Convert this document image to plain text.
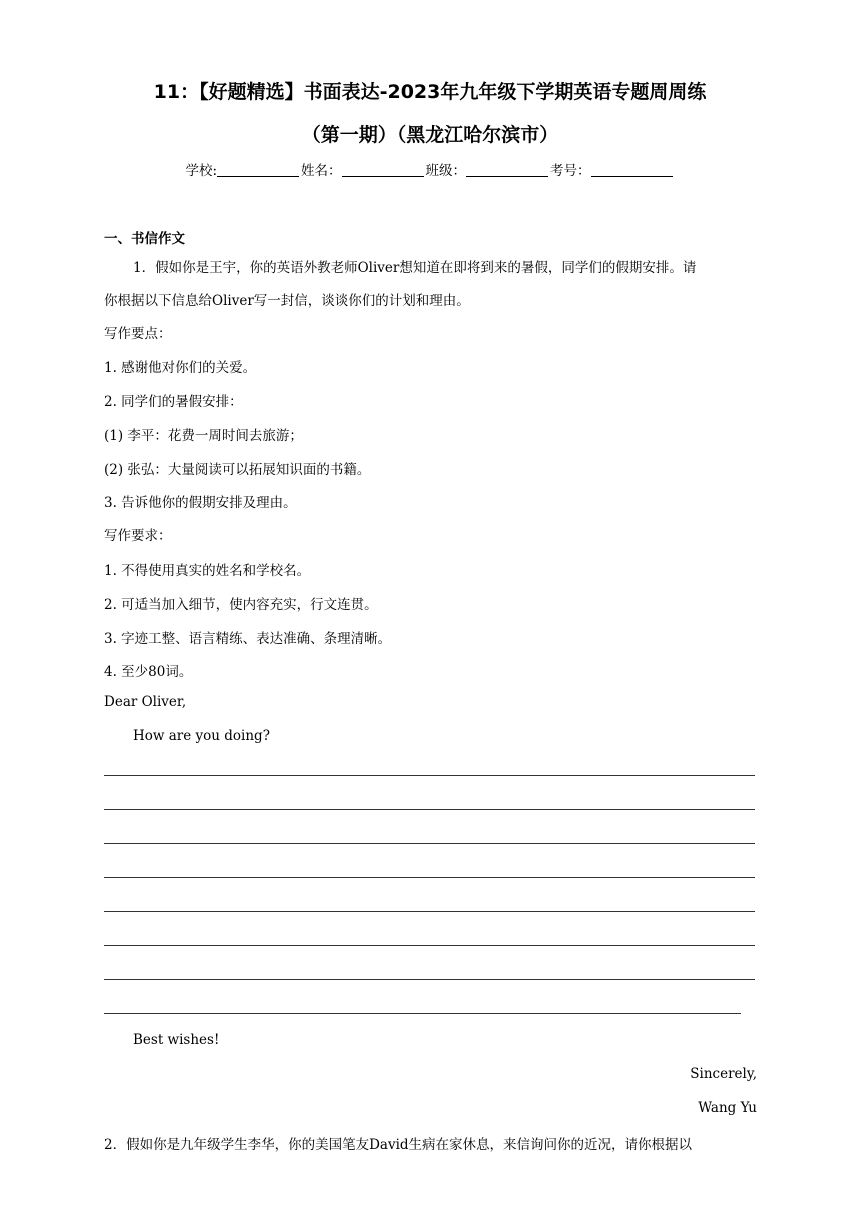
11：【好题精选】书面表达-2023年九年级下学期英语专题周周练
（第一期）（黑龙江哈尔滨市）
学校:	姓名：	班级：	考号：
一、书信作文
1．假如你是王宇，你的英语外教老师Oliver想知道在即将到来的暑假，同学们的假期安排。请
你根据以下信息给Oliver写一封信，谈谈你们的计划和理由。
写作要点：
1. 感谢他对你们的关爱。
2. 同学们的暑假安排：
(1) 李平：花费一周时间去旅游；
(2) 张弘：大量阅读可以拓展知识面的书籍。
3. 告诉他你的假期安排及理由。
写作要求：
1. 不得使用真实的姓名和学校名。
2. 可适当加入细节，使内容充实，行文连贯。
3. 字迹工整、语言精练、表达准确、条理清晰。
4. 至少80词。
Dear Oliver,
How are you doing?
Best wishes!
Sincerely,
Wang Yu
2．假如你是九年级学生李华，你的美国笔友David生病在家休息，来信询问你的近况，请你根据以
